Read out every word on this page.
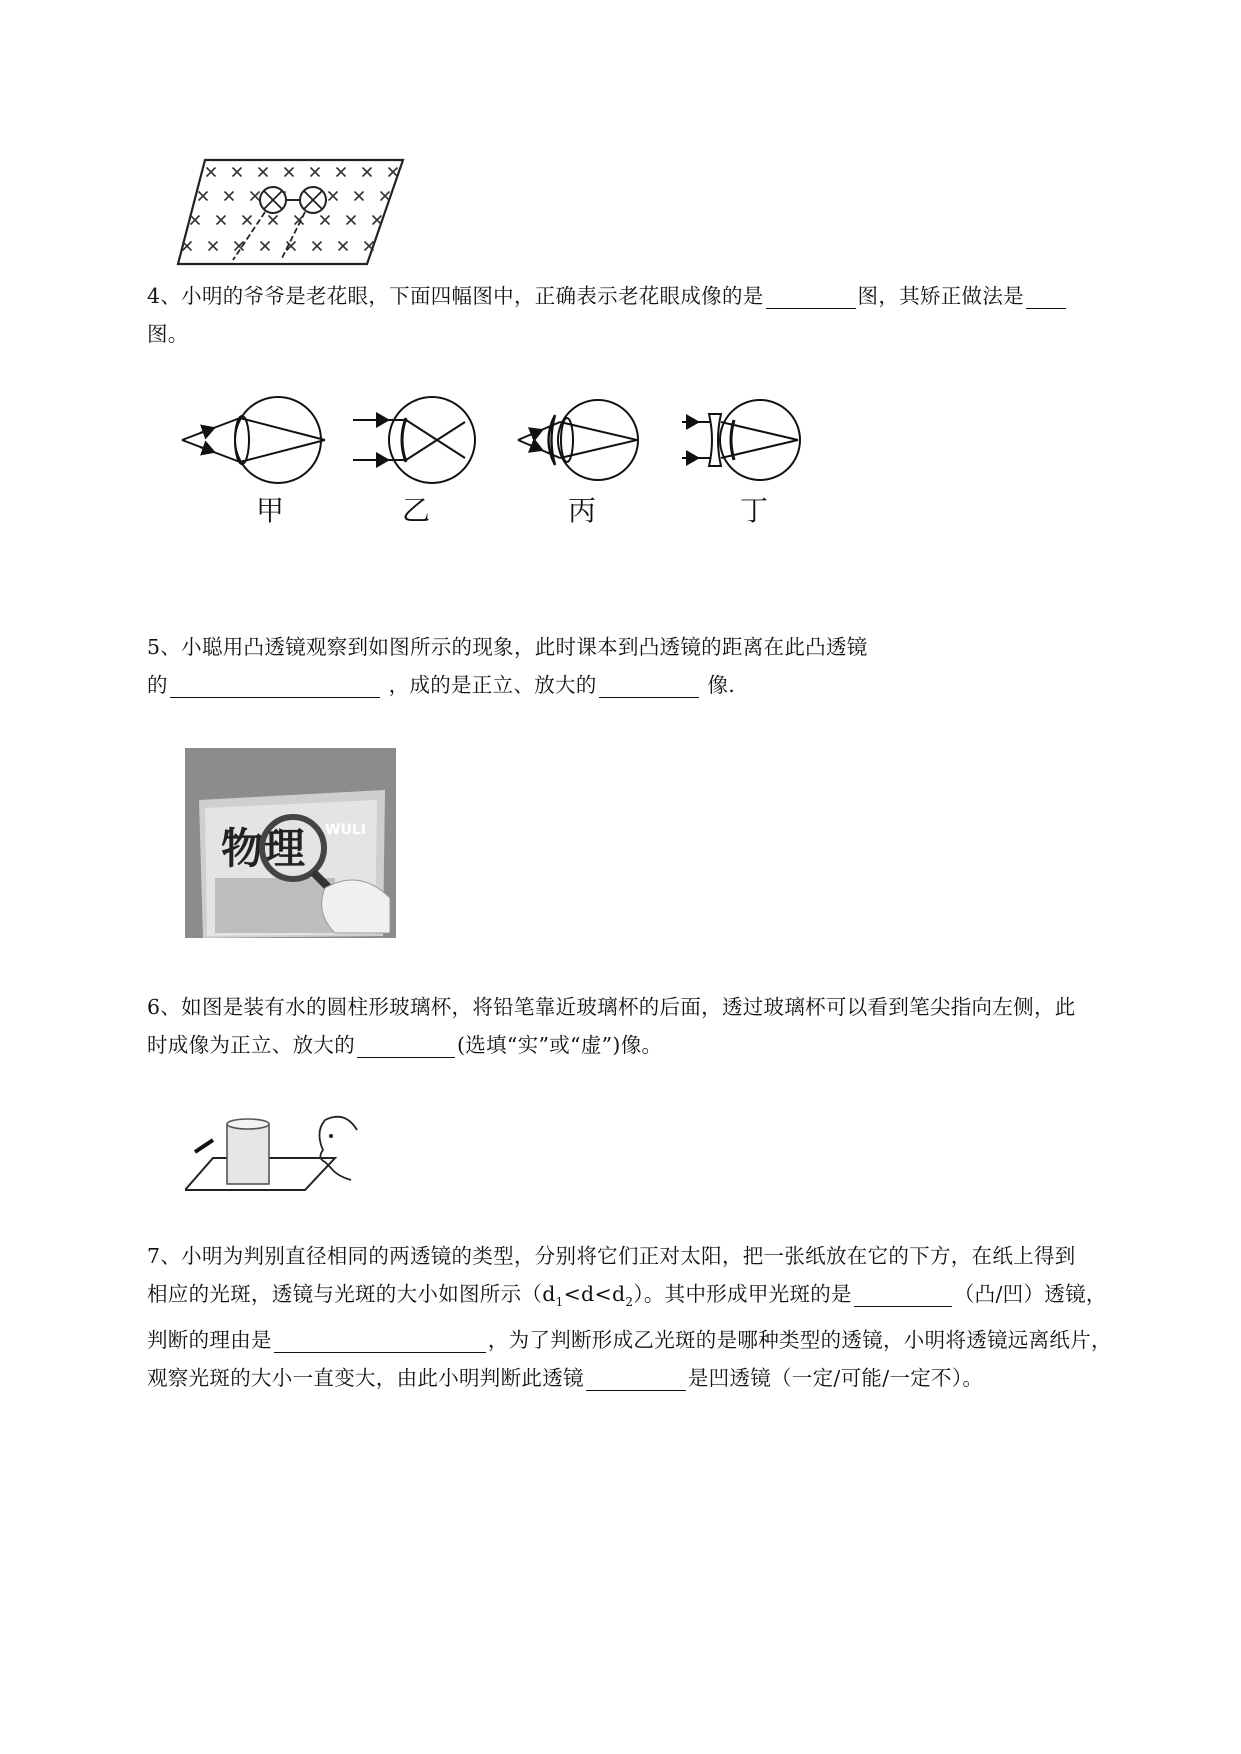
4、小明的爷爷是老花眼，下面四幅图中，正确表示老花眼成像的是	图，其矫正做法是
图。
甲	乙	丙	丁
5、小聪用凸透镜观察到如图所示的现象，此时课本到凸透镜的距离在此凸透镜
的	，成的是正立、放大的	像.
物理 WULI
6、如图是装有水的圆柱形玻璃杯，将铅笔靠近玻璃杯的后面，透过玻璃杯可以看到笔尖指向左侧，此
时成像为正立、放大的	(选填“实”或“虚”)像。
7、小明为判别直径相同的两透镜的类型，分别将它们正对太阳，把一张纸放在它的下方，在纸上得到
相应的光斑，透镜与光斑的大小如图所示$(d_1<d<d_2)$。其中形成甲光斑的是	（凸/凹）透镜，
判断的理由是	，为了判断形成乙光斑的是哪种类型的透镜，小明将透镜远离纸片，
观察光斑的大小一直变大，由此小明判断此透镜	是凹透镜（一定/可能/一定不）。
